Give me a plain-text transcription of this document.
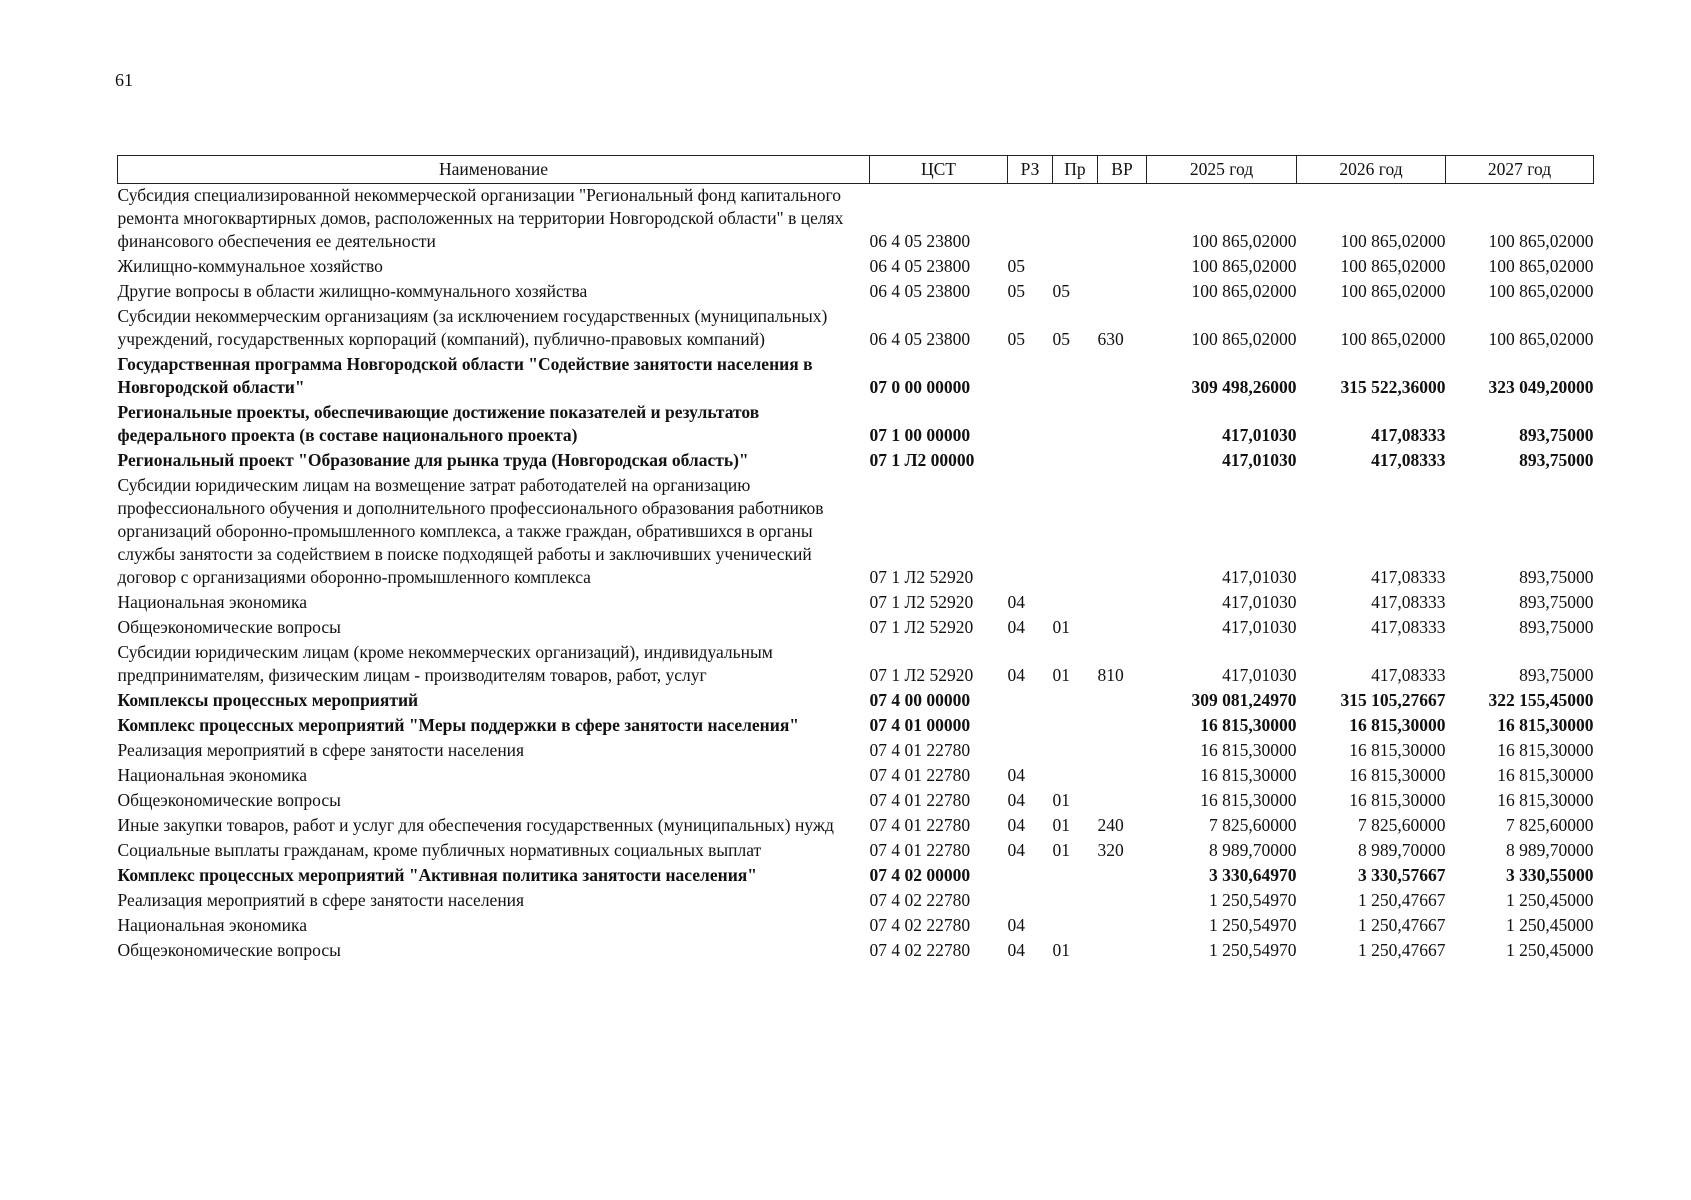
61
Наименование	ЦСТ	РЗ	Пр	ВР	2025 год	2026 год	2027 год
Субсидия специализированной некоммерческой организации "Региональный фонд капитального ремонта многоквартирных домов, расположенных на территории Новгородской области" в целях финансового обеспечения ее деятельности	06 4 05 23800				100 865,02000	100 865,02000	100 865,02000
Жилищно-коммунальное хозяйство	06 4 05 23800	05			100 865,02000	100 865,02000	100 865,02000
Другие вопросы в области жилищно-коммунального хозяйства	06 4 05 23800	05	05		100 865,02000	100 865,02000	100 865,02000
Субсидии некоммерческим организациям (за исключением государственных (муниципальных) учреждений, государственных корпораций (компаний), публично-правовых компаний)	06 4 05 23800	05	05	630	100 865,02000	100 865,02000	100 865,02000
Государственная программа Новгородской области "Содействие занятости населения в Новгородской области"	07 0 00 00000				309 498,26000	315 522,36000	323 049,20000
Региональные проекты, обеспечивающие достижение показателей и результатов федерального проекта (в составе национального проекта)	07 1 00 00000				417,01030	417,08333	893,75000
Региональный проект "Образование для рынка труда (Новгородская область)"	07 1 Л2 00000				417,01030	417,08333	893,75000
Субсидии юридическим лицам на возмещение затрат работодателей на организацию профессионального обучения и дополнительного профессионального образования работников организаций оборонно-промышленного комплекса, а также граждан, обратившихся в органы службы занятости за содействием в поиске подходящей работы и заключивших ученический договор с организациями оборонно-промышленного комплекса	07 1 Л2 52920				417,01030	417,08333	893,75000
Национальная экономика	07 1 Л2 52920	04			417,01030	417,08333	893,75000
Общеэкономические вопросы	07 1 Л2 52920	04	01		417,01030	417,08333	893,75000
Субсидии юридическим лицам (кроме некоммерческих организаций), индивидуальным предпринимателям, физическим лицам - производителям товаров, работ, услуг	07 1 Л2 52920	04	01	810	417,01030	417,08333	893,75000
Комплексы процессных мероприятий	07 4 00 00000				309 081,24970	315 105,27667	322 155,45000
Комплекс процессных мероприятий "Меры поддержки в сфере занятости населения"	07 4 01 00000				16 815,30000	16 815,30000	16 815,30000
Реализация мероприятий в сфере занятости населения	07 4 01 22780				16 815,30000	16 815,30000	16 815,30000
Национальная экономика	07 4 01 22780	04			16 815,30000	16 815,30000	16 815,30000
Общеэкономические вопросы	07 4 01 22780	04	01		16 815,30000	16 815,30000	16 815,30000
Иные закупки товаров, работ и услуг для обеспечения государственных (муниципальных) нужд	07 4 01 22780	04	01	240	7 825,60000	7 825,60000	7 825,60000
Социальные выплаты гражданам, кроме публичных нормативных социальных выплат	07 4 01 22780	04	01	320	8 989,70000	8 989,70000	8 989,70000
Комплекс процессных мероприятий "Активная политика занятости населения"	07 4 02 00000				3 330,64970	3 330,57667	3 330,55000
Реализация мероприятий в сфере занятости населения	07 4 02 22780				1 250,54970	1 250,47667	1 250,45000
Национальная экономика	07 4 02 22780	04			1 250,54970	1 250,47667	1 250,45000
Общеэкономические вопросы	07 4 02 22780	04	01		1 250,54970	1 250,47667	1 250,45000
